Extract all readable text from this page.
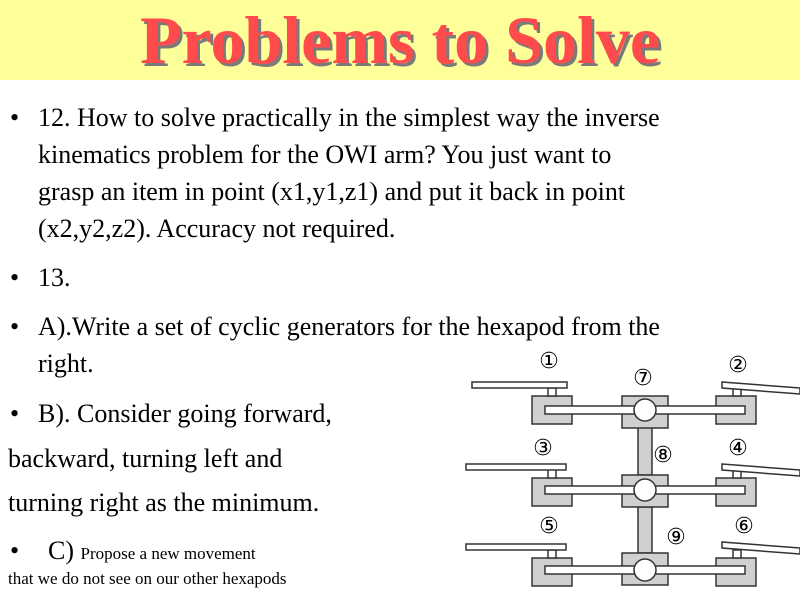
Problems to Solve
• 12. How to solve practically in the simplest way the inverse
kinematics problem for the OWI arm? You just want to
grasp an item in point (x1,y1,z1) and put it back in point
(x2,y2,z2). Accuracy not required.
• 13.
• A).Write a set of cyclic generators for the hexapod from the
right.
• B). Consider going forward,
backward, turning left and
turning right as the minimum.
• C) Propose a new movement
that we do not see on our other hexapods
①	②
③	④
⑤	⑥
⑦
⑧
⑨
